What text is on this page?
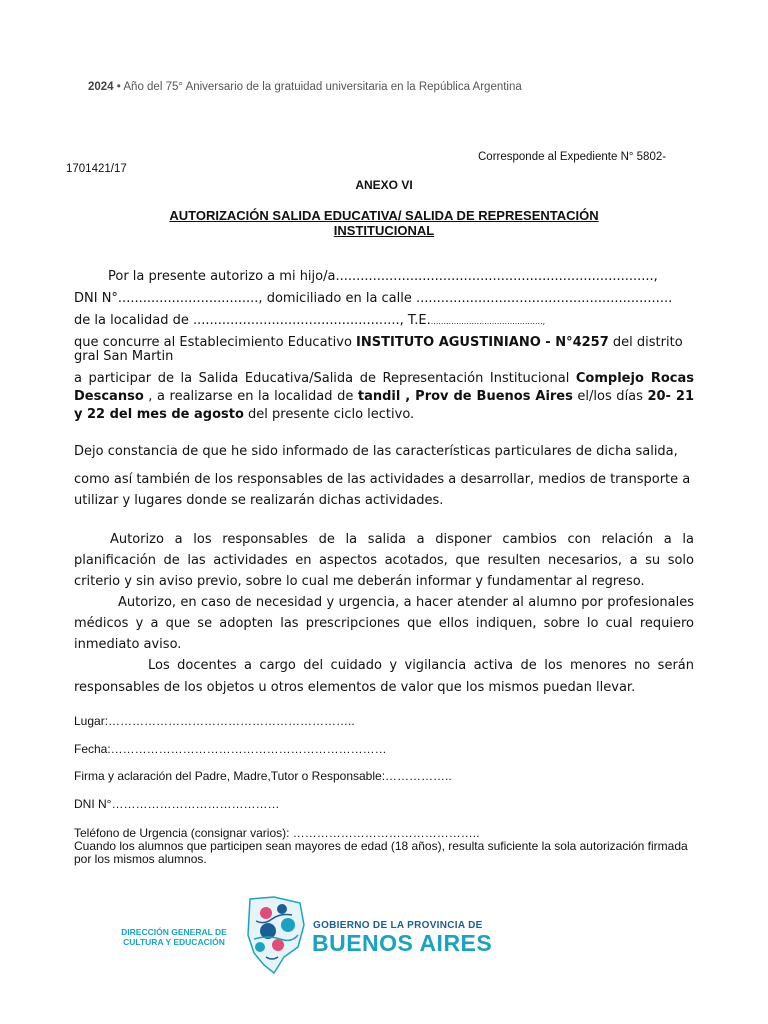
2024 • Año del 75° Aniversario de la gratuidad universitaria en la República Argentina
Corresponde al Expediente N° 5802-
1701421/17
ANEXO VI
AUTORIZACIÓN SALIDA EDUCATIVA/ SALIDA DE REPRESENTACIÓN
INSTITUCIONAL
Por la presente autorizo a mi hijo/a.............................................................................,
DNI N°.................................., domiciliado en la calle ..............................................................
de la localidad de .................................................., T.E.............................................,
que concurre al Establecimiento Educativo INSTITUTO AGUSTINIANO - N°4257 del distrito
gral San Martin
a participar de la Salida Educativa/Salida de Representación Institucional Complejo Rocas Descanso , a realizarse en la localidad de tandil , Prov de Buenos Aires el/los días 20- 21 y 22 del mes de agosto del presente ciclo lectivo.
Dejo constancia de que he sido informado de las características particulares de dicha salida,
como así también de los responsables de las actividades a desarrollar, medios de transporte a utilizar y lugares donde se realizarán dichas actividades.
Autorizo a los responsables de la salida a disponer cambios con relación a la planificación de las actividades en aspectos acotados, que resulten necesarios, a su solo criterio y sin aviso previo, sobre lo cual me deberán informar y fundamentar al regreso.
Autorizo, en caso de necesidad y urgencia, a hacer atender al alumno por profesionales médicos y a que se adopten las prescripciones que ellos indiquen, sobre lo cual requiero inmediato aviso.
Los docentes a cargo del cuidado y vigilancia activa de los menores no serán responsables de los objetos u otros elementos de valor que los mismos puedan llevar.
Lugar:……………………………………………………..
Fecha:……………………………………………………………
Firma y aclaración del Padre, Madre,Tutor o Responsable:……………..
DNI N°……………………………………
Teléfono de Urgencia (consignar varios): ………………………………………..
Cuando los alumnos que participen sean mayores de edad (18 años), resulta suficiente la sola autorización firmada por los mismos alumnos.
DIRECCIÓN GENERAL DE
CULTURA Y EDUCACIÓN
GOBIERNO DE LA PROVINCIA DE
BUENOS AIRES
